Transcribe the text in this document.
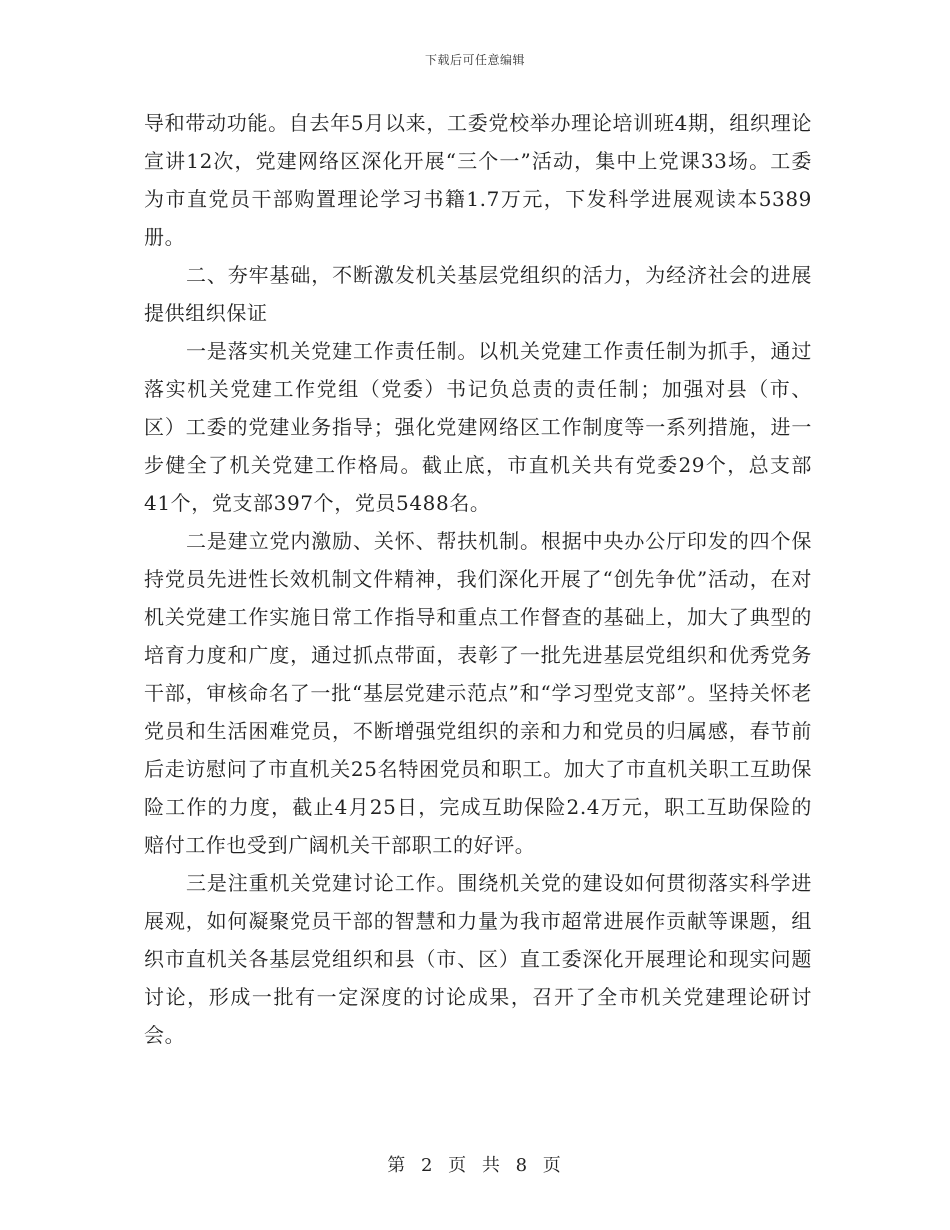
下载后可任意编辑

导和带动功能。自去年5月以来，工委党校举办理论培训班4期，组织理论宣讲12次，党建网络区深化开展“三个一”活动，集中上党课33场。工委为市直党员干部购置理论学习书籍1.7万元，下发科学进展观读本5389册。

二、夯牢基础，不断激发机关基层党组织的活力，为经济社会的进展提供组织保证

一是落实机关党建工作责任制。以机关党建工作责任制为抓手，通过落实机关党建工作党组（党委）书记负总责的责任制；加强对县（市、区）工委的党建业务指导；强化党建网络区工作制度等一系列措施，进一步健全了机关党建工作格局。截止底，市直机关共有党委29个，总支部41个，党支部397个，党员5488名。

二是建立党内激励、关怀、帮扶机制。根据中央办公厅印发的四个保持党员先进性长效机制文件精神，我们深化开展了“创先争优”活动，在对机关党建工作实施日常工作指导和重点工作督查的基础上，加大了典型的培育力度和广度，通过抓点带面，表彰了一批先进基层党组织和优秀党务干部，审核命名了一批“基层党建示范点”和“学习型党支部”。坚持关怀老党员和生活困难党员，不断增强党组织的亲和力和党员的归属感，春节前后走访慰问了市直机关25名特困党员和职工。加大了市直机关职工互助保险工作的力度，截止4月25日，完成互助保险2.4万元，职工互助保险的赔付工作也受到广阔机关干部职工的好评。

三是注重机关党建讨论工作。围绕机关党的建设如何贯彻落实科学进展观，如何凝聚党员干部的智慧和力量为我市超常进展作贡献等课题，组织市直机关各基层党组织和县（市、区）直工委深化开展理论和现实问题讨论，形成一批有一定深度的讨论成果，召开了全市机关党建理论研讨会。

第 2 页 共 8 页
